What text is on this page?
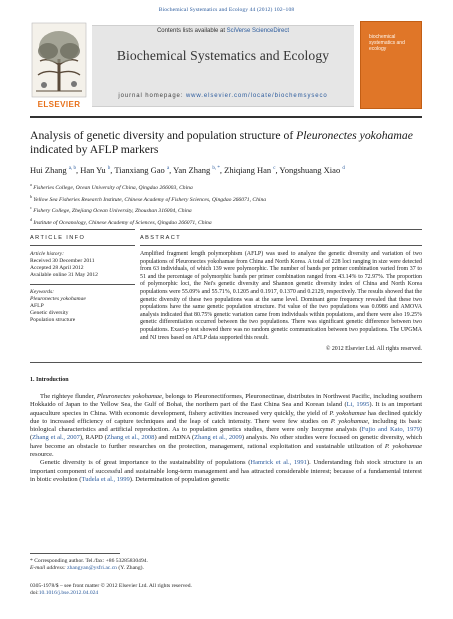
Biochemical Systematics and Ecology 44 (2012) 102–108
ELSEVIER
Contents lists available at SciVerse ScienceDirect
Biochemical Systematics and Ecology
journal homepage: www.elsevier.com/locate/biochemsyseco
biochemical systematics and ecology
Analysis of genetic diversity and population structure of Pleuronectes yokohamae indicated by AFLP markers
Hui Zhang $^{a, b}$, Han Yu $^b$, Tianxiang Gao $^a$, Yan Zhang $^{b, *}$, Zhiqiang Han $^c$, Yongshuang Xiao $^d$
$^a$ Fisheries College, Ocean University of China, Qingdao 266003, China
$^b$ Yellow Sea Fisheries Research Institute, Chinese Academy of Fishery Sciences, Qingdao 266071, China
$^c$ Fishery College, Zhejiang Ocean University, Zhoushan 316004, China
$^d$ Institute of Oceanology, Chinese Academy of Sciences, Qingdao 266071, China
ARTICLE INFO
Article history:
Received 30 December 2011
Accepted 28 April 2012
Available online 31 May 2012
Keywords:
Pleuronectes yokohamae
AFLP
Genetic diversity
Population structure
ABSTRACT
Amplified fragment length polymorphism (AFLP) was used to analyze the genetic diversity and variation of two populations of Pleuronectes yokohamae from China and North Korea. A total of 228 loci ranging in size were detected from 63 individuals, of which 139 were polymorphic. The number of bands per primer combination varied from 37 to 51 and the percentage of polymorphic bands per primer combination ranged from 43.14% to 72.97%. The proportion of polymorphic loci, the Nei's genetic diversity and Shannon genetic diversity index of China and North Korea populations were 55.09% and 55.71%, 0.1205 and 0.1917, 0.1370 and 0.2129, respectively. The results showed that the genetic diversity of these two populations was at the same level. Dominant gene frequency revealed that these two populations have the same genetic population structure. Fst value of the two populations was 0.0986 and AMOVA analysis indicated that 80.75% genetic variation came from individuals within populations, and there were also 19.25% genetic differentiation occurred between the two populations. There was significant genetic difference between two populations. Exact-p test showed there was no random genetic communication between two populations. The UPGMA and NJ trees based on AFLP data supported this result.
© 2012 Elsevier Ltd. All rights reserved.
1. Introduction

The righteye flunder, Pleuronectes yokohamae, belongs to Pleuronectiformes, Pleuronectinae, distributes in Northwest Pacific, including southern Hokkaido of Japan to the Yellow Sea, the Gulf of Bohai, the northern part of the East China Sea and Korean island (Li, 1995). It is an important aquaculture species in China. With economic development, fishery activities increased very quickly, the yield of P. yokohamae has declined quickly due to increased efficiency of capture techniques and the leap of catch intensity. There were few studies on P. yokohamae, including its basic biological characteristics and artificial reproduction. As to population genetics studies, there were only Isozyme analysis (Fujio and Kato, 1979) (Zhang et al., 2007), RAPD (Zhang et al., 2008) and mtDNA (Zhang et al., 2009) analysis. No other studies were focused on genetic diversity, which have become an obstacle to further researches on the protection, management, rational exploitation and sustainable utilization of P. yokohamae resource.

Genetic diversity is of great importance to the sustainability of populations (Hamrick et al., 1991). Understanding fish stock structure is an important component of successful and sustainable long-term management and has attracted considerable interest; because of a fundamental interest in biotic evolution (Tudela et al., 1999). Determination of population genetic

* Corresponding author. Tel./fax: +86 53285830494.
E-mail address: zhangyan@ysfri.ac.cn (Y. Zhang).
0305-1978/$ – see front matter © 2012 Elsevier Ltd. All rights reserved.
doi:10.1016/j.bse.2012.04.024
